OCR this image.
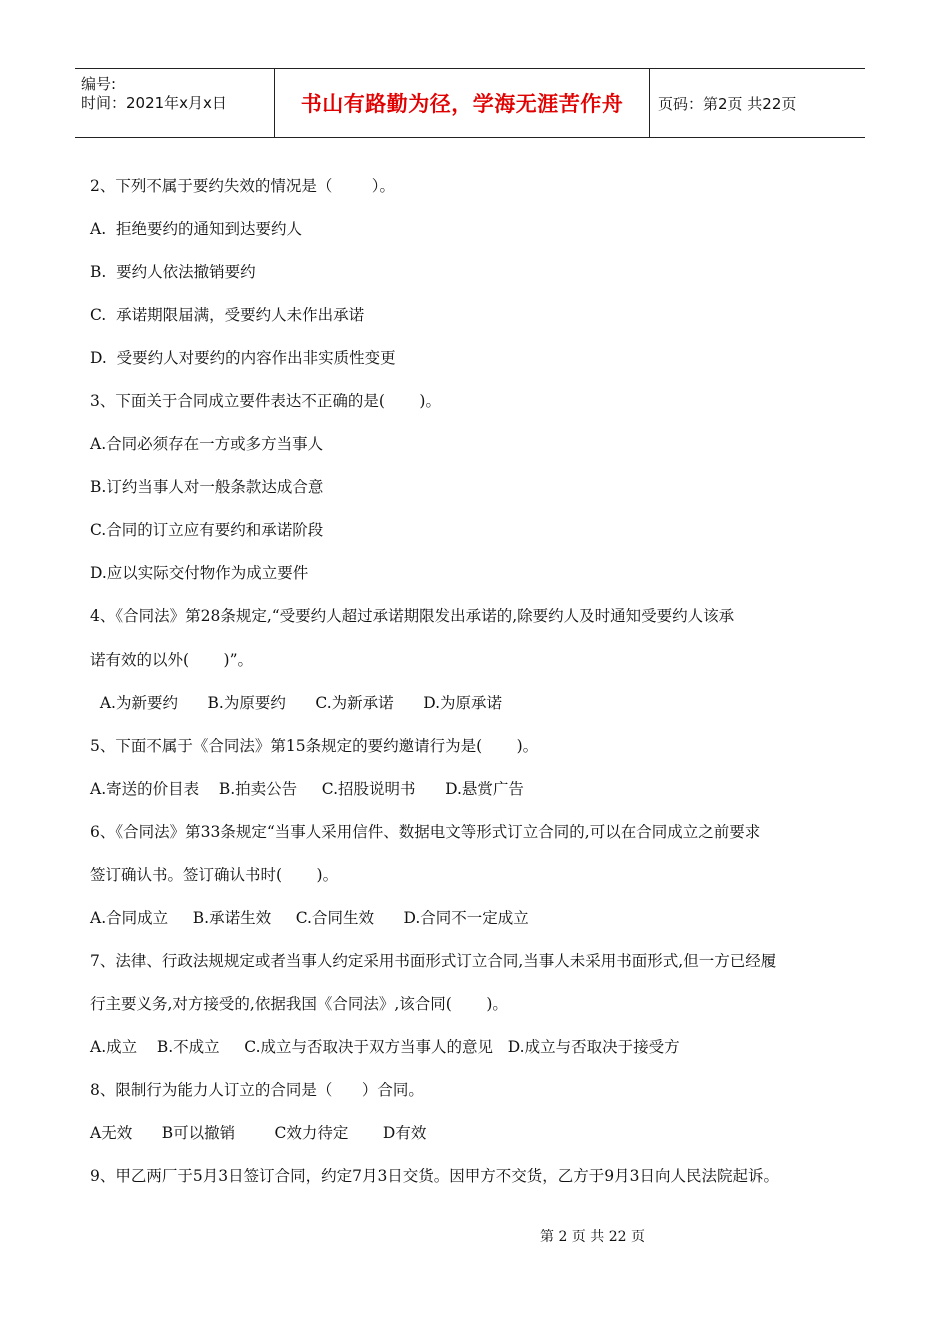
编号:
时间：2021年x月x日	书山有路勤为径，学海无涯苦作舟 页码：第2页 共22页
2、下列不属于要约失效的情况是（        ）。
A.  拒绝要约的通知到达要约人
B.  要约人依法撤销要约
C.  承诺期限届满，受要约人未作出承诺
D.  受要约人对要约的内容作出非实质性变更
3、下面关于合同成立要件表达不正确的是(       )。
A.合同必须存在一方或多方当事人
B.订约当事人对一般条款达成合意
C.合同的订立应有要约和承诺阶段
D.应以实际交付物作为成立要件
4、《合同法》第28条规定,“受要约人超过承诺期限发出承诺的,除要约人及时通知受要约人该承
诺有效的以外(       )”。
A.为新要约      B.为原要约      C.为新承诺      D.为原承诺
5、下面不属于《合同法》第15条规定的要约邀请行为是(       )。
A.寄送的价目表    B.拍卖公告     C.招股说明书      D.悬赏广告
6、《合同法》第33条规定“当事人采用信件、数据电文等形式订立合同的,可以在合同成立之前要求
签订确认书。签订确认书时(       )。
A.合同成立     B.承诺生效     C.合同生效      D.合同不一定成立
7、法律、行政法规规定或者当事人约定采用书面形式订立合同,当事人未采用书面形式,但一方已经履
行主要义务,对方接受的,依据我国《合同法》,该合同(       )。
A.成立    B.不成立     C.成立与否取决于双方当事人的意见   D.成立与否取决于接受方
8、限制行为能力人订立的合同是（      ）合同。
A无效      B可以撤销        C效力待定       D有效
9、甲乙两厂于5月3日签订合同，约定7月3日交货。因甲方不交货，乙方于9月3日向人民法院起诉。
第 2 页 共 22 页
